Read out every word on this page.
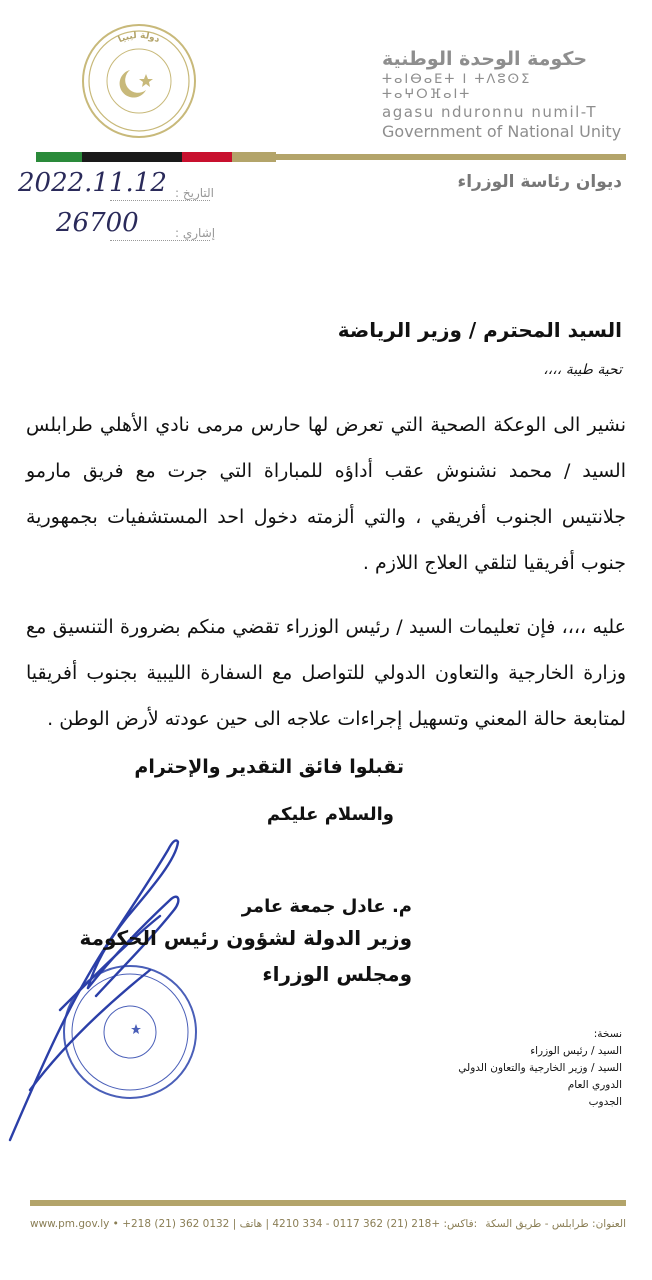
دولة ليبيا
حكومة الوحدة الوطنية
ⵜⴰⵏⴱⴰⴹⵜ ⵏ ⵜⴷⵓⵙⵉ ⵜⴰⵖⵔⴼⴰⵏⵜ
agasu nduronnu numil-T
Government of National Unity
ديوان رئاسة الوزراء
التاريخ :
2022.11.12
إشاري :
26700
السيد المحترم / وزير الرياضة
تحية طيبة ،،،،
نشير الى الوعكة الصحية التي تعرض لها حارس مرمى نادي الأهلي طرابلس السيد / محمد نشنوش عقب أداؤه للمباراة التي جرت مع فريق مارمو جلانتيس الجنوب أفريقي ، والتي ألزمته دخول احد المستشفيات بجمهورية جنوب أفريقيا لتلقي العلاج اللازم .
عليه ،،،، فإن تعليمات السيد / رئيس الوزراء تقضي منكم بضرورة التنسيق مع وزارة الخارجية والتعاون الدولي للتواصل مع السفارة الليبية بجنوب أفريقيا لمتابعة حالة المعني وتسهيل إجراءات علاجه الى حين عودته لأرض الوطن .
تقبلوا فائق التقدير والإحترام
والسلام عليكم
م. عادل جمعة عامر
وزير الدولة لشؤون رئيس الحكومة
ومجلس الوزراء
نسخة:
السيد / رئيس الوزراء
السيد / وزير الخارجية والتعاون الدولي
الدوري العام
الجدوب
www.pm.gov.ly • +218 (21) 362 0132 | فاكس: +218 (21) 362 0117 - 334 4210 | هاتف: العنوان: طرابلس - طريق السكة
